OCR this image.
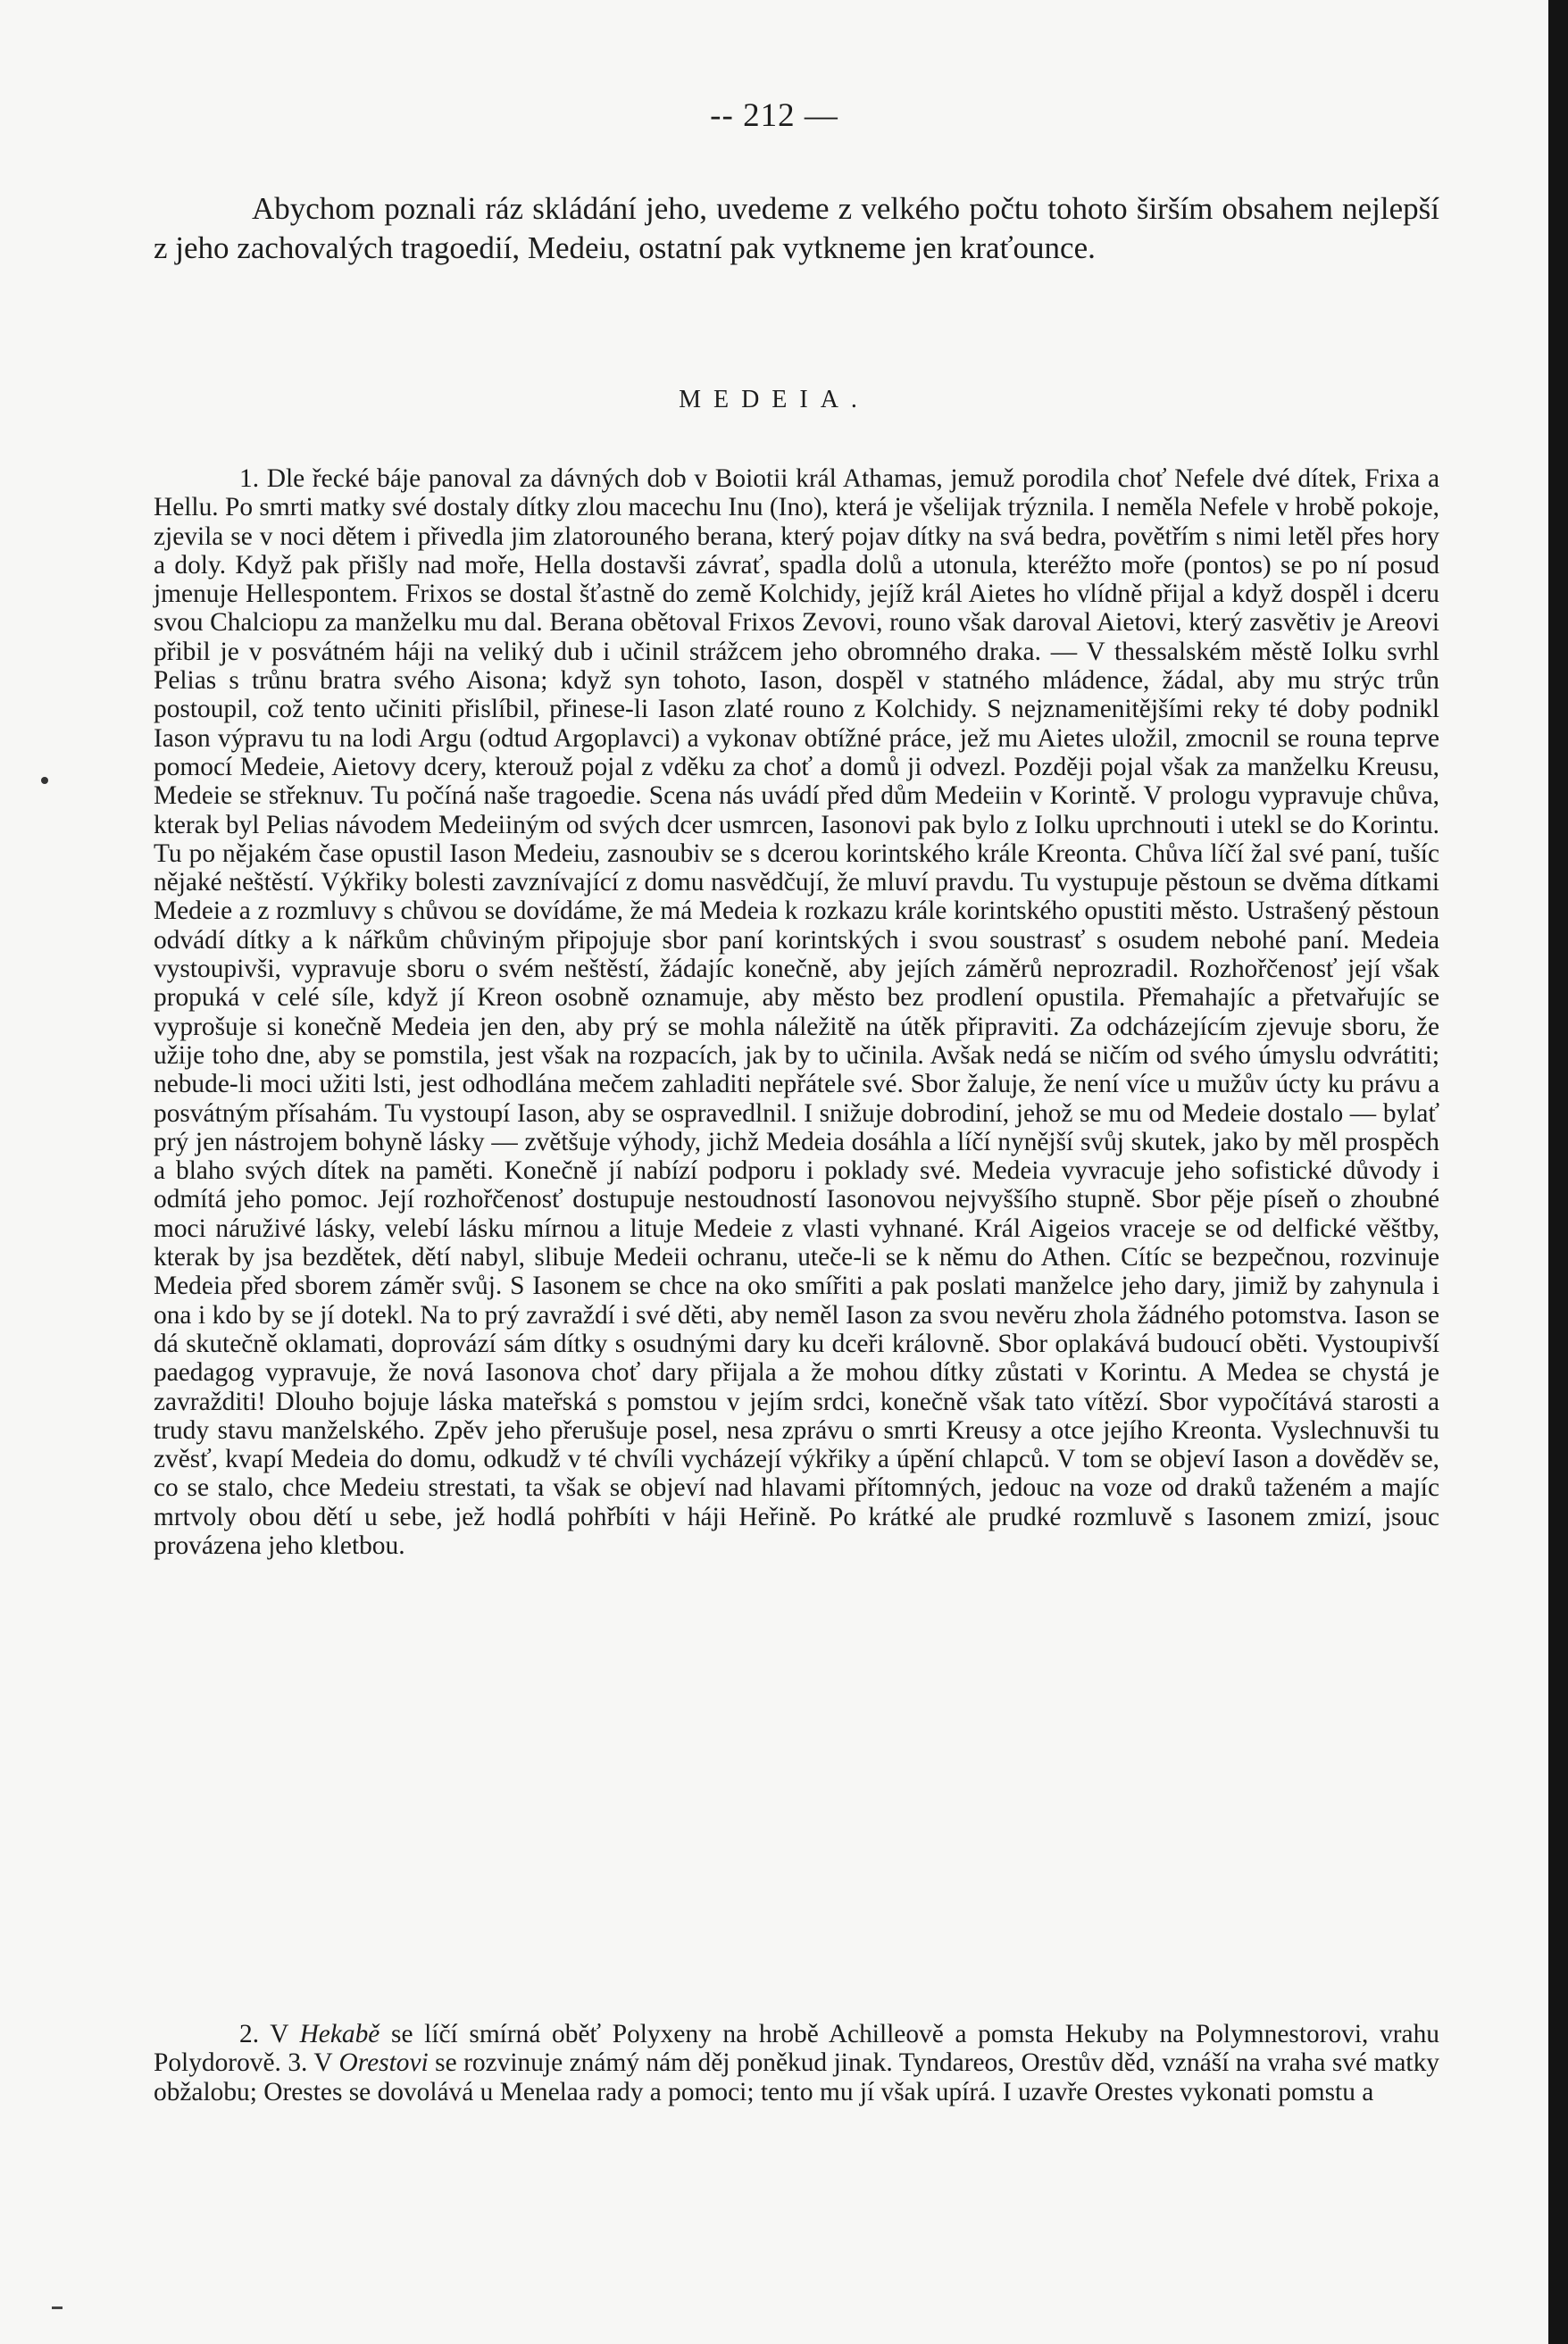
-- 212 —

Abychom poznali ráz skládání jeho, uvedeme z velkého počtu tohoto širším obsahem nejlepší z jeho zachovalých tragoedií, Medeiu, ostatní pak vytkneme jen kraťounce.

MEDEIA.

1. Dle řecké báje panoval za dávných dob v Boiotii král Athamas, jemuž porodila choť Nefele dvé dítek, Frixa a Hellu. Po smrti matky své dostaly dítky zlou macechu Inu (Ino), která je všelijak trýznila. I neměla Nefele v hrobě pokoje, zjevila se v noci dětem i přivedla jim zlatorouného berana, který pojav dítky na svá bedra, povětřím s nimi letěl přes hory a doly. Když pak přišly nad moře, Hella dostavši závrať, spadla dolů a utonula, kteréžto moře (pontos) se po ní posud jmenuje Hellespontem. Frixos se dostal šťastně do země Kolchidy, jejíž král Aietes ho vlídně přijal a když dospěl i dceru svou Chalciopu za manželku mu dal. Berana obětoval Frixos Zevovi, rouno však daroval Aietovi, který zasvětiv je Areovi přibil je v posvátném háji na veliký dub i učinil strážcem jeho obromného draka. — V thessalském městě Iolku svrhl Pelias s trůnu bratra svého Aisona; když syn tohoto, Iason, dospěl v statného mládence, žádal, aby mu strýc trůn postoupil, což tento učiniti přislíbil, přinese-li Iason zlaté rouno z Kolchidy. S nejznamenitějšími reky té doby podnikl Iason výpravu tu na lodi Argu (odtud Argoplavci) a vykonav obtížné práce, jež mu Aietes uložil, zmocnil se rouna teprve pomocí Medeie, Aietovy dcery, kterouž pojal z vděku za choť a domů ji odvezl. Později pojal však za manželku Kreusu, Medeie se střeknuv. Tu počíná naše tragoedie. Scena nás uvádí před dům Medeiin v Korintě. V prologu vypravuje chůva, kterak byl Pelias návodem Medeiiným od svých dcer usmrcen, Iasonovi pak bylo z Iolku uprchnouti i utekl se do Korintu. Tu po nějakém čase opustil Iason Medeiu, zasnoubiv se s dcerou korintského krále Kreonta. Chůva líčí žal své paní, tušíc nějaké neštěstí. Výkřiky bolesti zavznívající z domu nasvědčují, že mluví pravdu. Tu vystupuje pěstoun se dvěma dítkami Medeie a z rozmluvy s chůvou se dovídáme, že má Medeia k rozkazu krále korintského opustiti město. Ustrašený pěstoun odvádí dítky a k nářkům chůviným připojuje sbor paní korintských i svou soustrasť s osudem nebohé paní. Medeia vystoupivši, vypravuje sboru o svém neštěstí, žádajíc konečně, aby jejích záměrů neprozradil. Rozhořčenosť její však propuká v celé síle, když jí Kreon osobně oznamuje, aby město bez prodlení opustila. Přemahajíc a přetvařujíc se vyprošuje si konečně Medeia jen den, aby prý se mohla náležitě na útěk připraviti. Za odcházejícím zjevuje sboru, že užije toho dne, aby se pomstila, jest však na rozpacích, jak by to učinila. Avšak nedá se ničím od svého úmyslu odvrátiti; nebude-li moci užiti lsti, jest odhodlána mečem zahladiti nepřátele své. Sbor žaluje, že není více u mužův úcty ku právu a posvátným přísahám. Tu vystoupí Iason, aby se ospravedlnil. I snižuje dobrodiní, jehož se mu od Medeie dostalo — bylať prý jen nástrojem bohyně lásky — zvětšuje výhody, jichž Medeia dosáhla a líčí nynější svůj skutek, jako by měl prospěch a blaho svých dítek na paměti. Konečně jí nabízí podporu i poklady své. Medeia vyvracuje jeho sofistické důvody i odmítá jeho pomoc. Její rozhořčenosť dostupuje nestoudností Iasonovou nejvyššího stupně. Sbor pěje píseň o zhoubné moci náruživé lásky, velebí lásku mírnou a lituje Medeie z vlasti vyhnané. Král Aigeios vraceje se od delfické věštby, kterak by jsa bezdětek, dětí nabyl, slibuje Medeii ochranu, uteče-li se k němu do Athen. Cítíc se bezpečnou, rozvinuje Medeia před sborem záměr svůj. S Iasonem se chce na oko smířiti a pak poslati manželce jeho dary, jimiž by zahynula i ona i kdo by se jí dotekl. Na to prý zavraždí i své děti, aby neměl Iason za svou nevěru zhola žádného potomstva. Iason se dá skutečně oklamati, doprovází sám dítky s osudnými dary ku dceři královně. Sbor oplakává budoucí oběti. Vystoupivší paedagog vypravuje, že nová Iasonova choť dary přijala a že mohou dítky zůstati v Korintu. A Medea se chystá je zavražditi! Dlouho bojuje láska mateřská s pomstou v jejím srdci, konečně však tato vítězí. Sbor vypočítává starosti a trudy stavu manželského. Zpěv jeho přerušuje posel, nesa zprávu o smrti Kreusy a otce jejího Kreonta. Vyslechnuvši tu zvěsť, kvapí Medeia do domu, odkudž v té chvíli vycházejí výkřiky a úpění chlapců. V tom se objeví Iason a dověděv se, co se stalo, chce Medeiu strestati, ta však se objeví nad hlavami přítomných, jedouc na voze od draků taženém a majíc mrtvoly obou dětí u sebe, jež hodlá pohřbíti v háji Heřině. Po krátké ale prudké rozmluvě s Iasonem zmizí, jsouc provázena jeho kletbou.

2. V Hekabě se líčí smírná oběť Polyxeny na hrobě Achilleově a pomsta Hekuby na Polymnestorovi, vrahu Polydorově. 3. V Orestovi se rozvinuje známý nám děj poněkud jinak. Tyndareos, Orestův děd, vznáší na vraha své matky obžalobu; Orestes se dovolává u Menelaa rady a pomoci; tento mu jí však upírá. I uzavře Orestes vykonati pomstu a
